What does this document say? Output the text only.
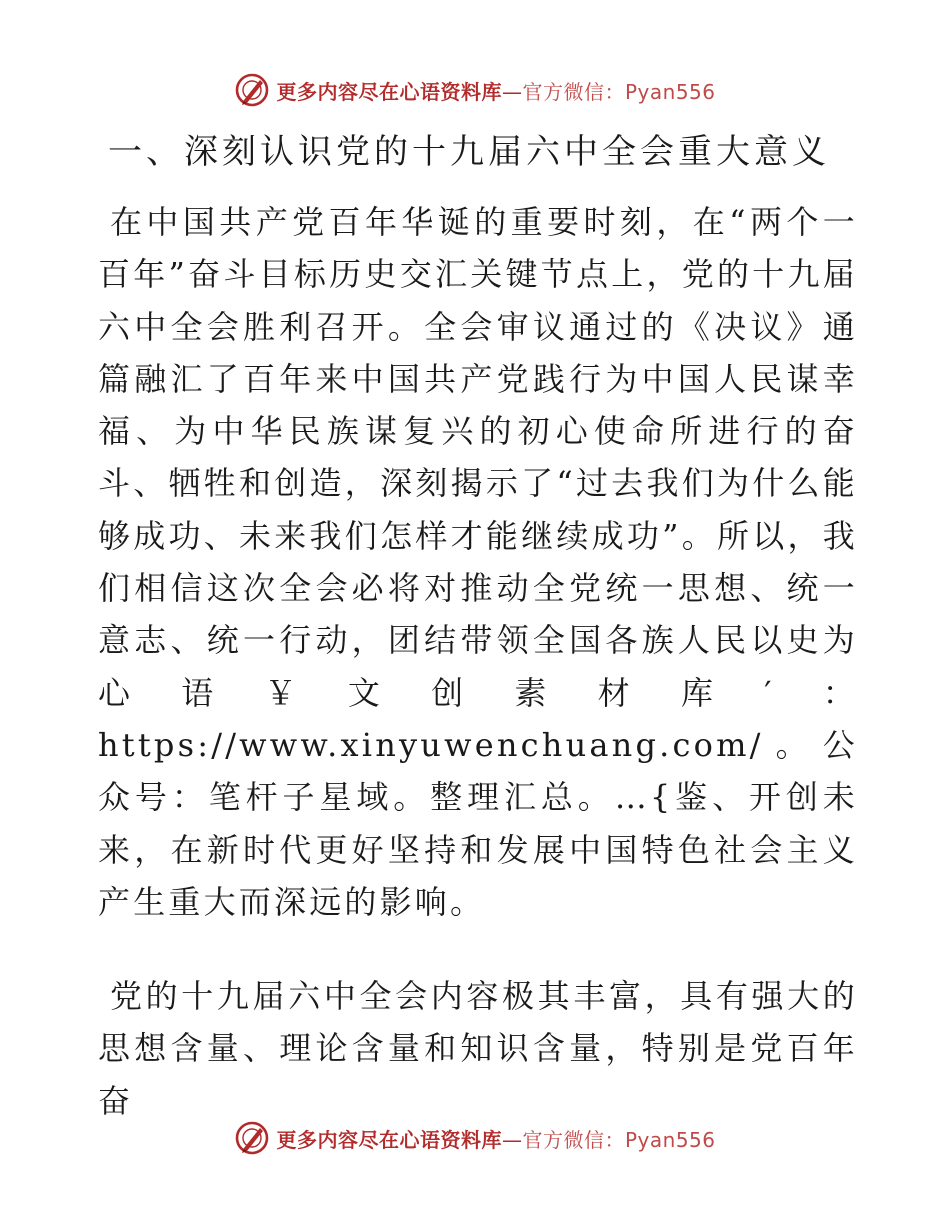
更多内容尽在心语资料库—官方微信：Pyan556
一、深刻认识党的十九届六中全会重大意义

在中国共产党百年华诞的重要时刻，在“两个一百年”奋斗目标历史交汇关键节点上，党的十九届六中全会胜利召开。全会审议通过的《决议》通篇融汇了百年来中国共产党践行为中国人民谋幸福、为中华民族谋复兴的初心使命所进行的奋斗、牺牲和创造，深刻揭示了“过去我们为什么能够成功、未来我们怎样才能继续成功”。所以，我们相信这次全会必将对推动全党统一思想、统一意志、统一行动，团结带领全国各族人民以史为心语￥文创素材库′：https://www.xinyuwenchuang.com/。公众号：笔杆子星域。整理汇总。…{鉴、开创未来，在新时代更好坚持和发展中国特色社会主义产生重大而深远的影响。

党的十九届六中全会内容极其丰富，具有强大的思想含量、理论含量和知识含量，特别是党百年奋

更多内容尽在心语资料库—官方微信：Pyan556
